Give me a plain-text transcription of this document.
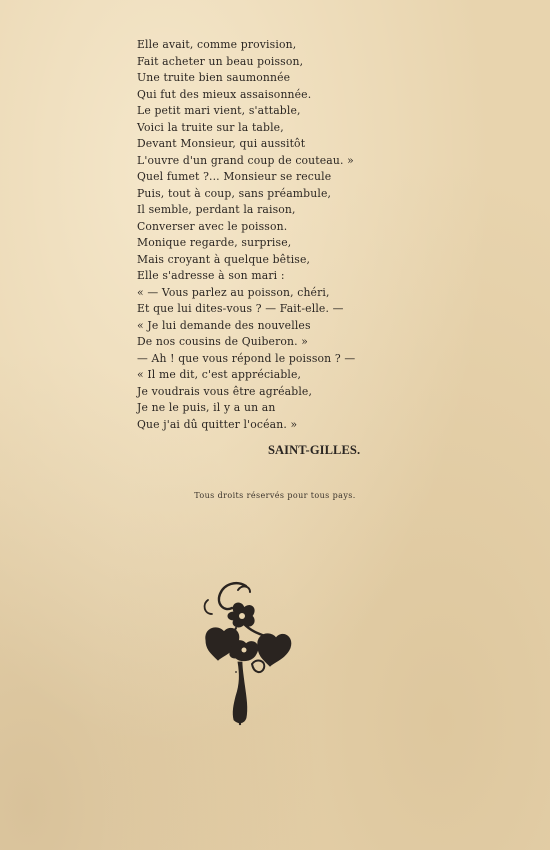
Elle avait, comme provision,
Fait acheter un beau poisson,
Une truite bien saumonnée
Qui fut des mieux assaisonnée.
Le petit mari vient, s'attable,
Voici la truite sur la table,
Devant Monsieur, qui aussitôt
L'ouvre d'un grand coup de couteau. »
Quel fumet ?... Monsieur se recule
Puis, tout à coup, sans préambule,
Il semble, perdant la raison,
Converser avec le poisson.
Monique regarde, surprise,
Mais croyant à quelque bêtise,
Elle s'adresse à son mari :
« — Vous parlez au poisson, chéri,
Et que lui dites-vous ? — Fait-elle. —
« Je lui demande des nouvelles
De nos cousins de Quiberon. »
— Ah ! que vous répond le poisson ? —
« Il me dit, c'est appréciable,
Je voudrais vous être agréable,
Je ne le puis, il y a un an
Que j'ai dû quitter l'océan. »
SAINT-GILLES.
Tous droits réservés pour tous pays.
